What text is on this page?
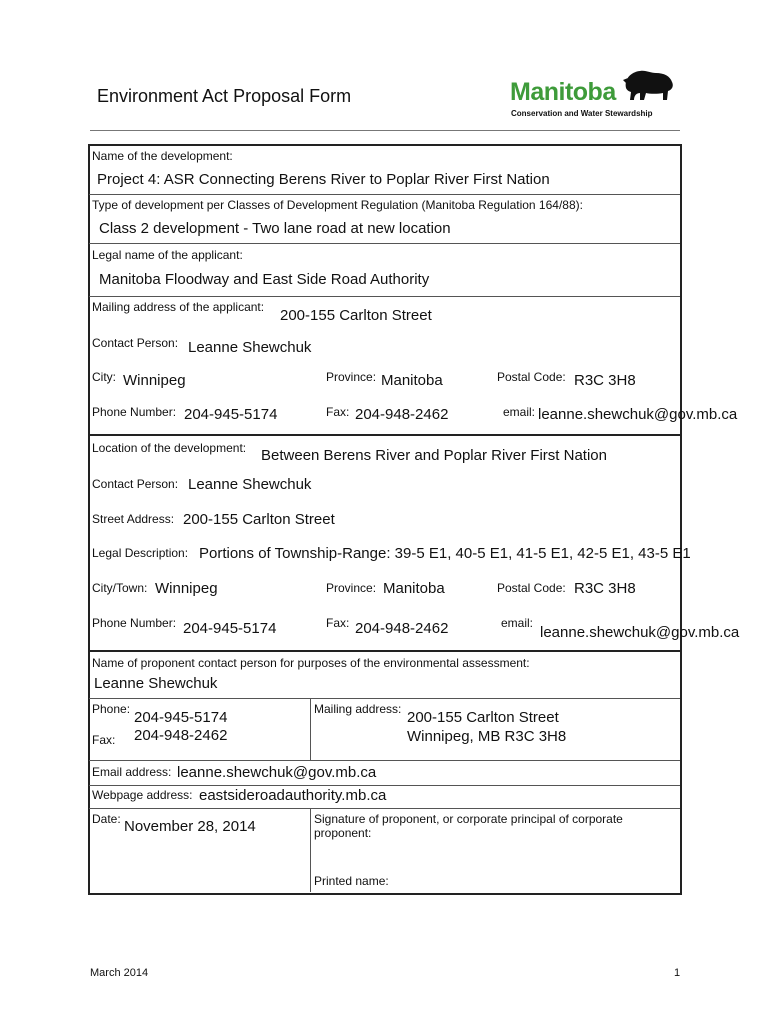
Environment Act Proposal Form	Manitoba
Conservation and Water Stewardship
Name of the development:
Project 4: ASR Connecting Berens River to Poplar River First Nation
Type of development per Classes of Development Regulation (Manitoba Regulation 164/88):
Class 2 development - Two lane road at new location
Legal name of the applicant:
Manitoba Floodway and East Side Road Authority
Mailing address of the applicant: 200-155 Carlton Street
Contact Person: Leanne Shewchuk
City: Winnipeg	Province: Manitoba	Postal Code: R3C 3H8
Phone Number: 204-945-5174	Fax: 204-948-2462	email: leanne.shewchuk@gov.mb.ca
Location of the development: Between Berens River and Poplar River First Nation
Contact Person: Leanne Shewchuk
Street Address: 200-155 Carlton Street
Legal Description: Portions of Township-Range: 39-5 E1, 40-5 E1, 41-5 E1, 42-5 E1, 43-5 E1
City/Town: Winnipeg	Province: Manitoba	Postal Code: R3C 3H8
Phone Number: 204-945-5174	Fax: 204-948-2462	email:
leanne.shewchuk@gov.mb.ca
Name of proponent contact person for purposes of the environmental assessment:
Leanne Shewchuk
Phone: 204-945-5174
Fax: 204-948-2462
Mailing address: 200-155 Carlton Street
Winnipeg, MB R3C 3H8
Email address: leanne.shewchuk@gov.mb.ca
Webpage address: eastsideroadauthority.mb.ca
Date: November 28, 2014	Signature of proponent, or corporate principal of corporate proponent:
Printed name:
March 2014	1
